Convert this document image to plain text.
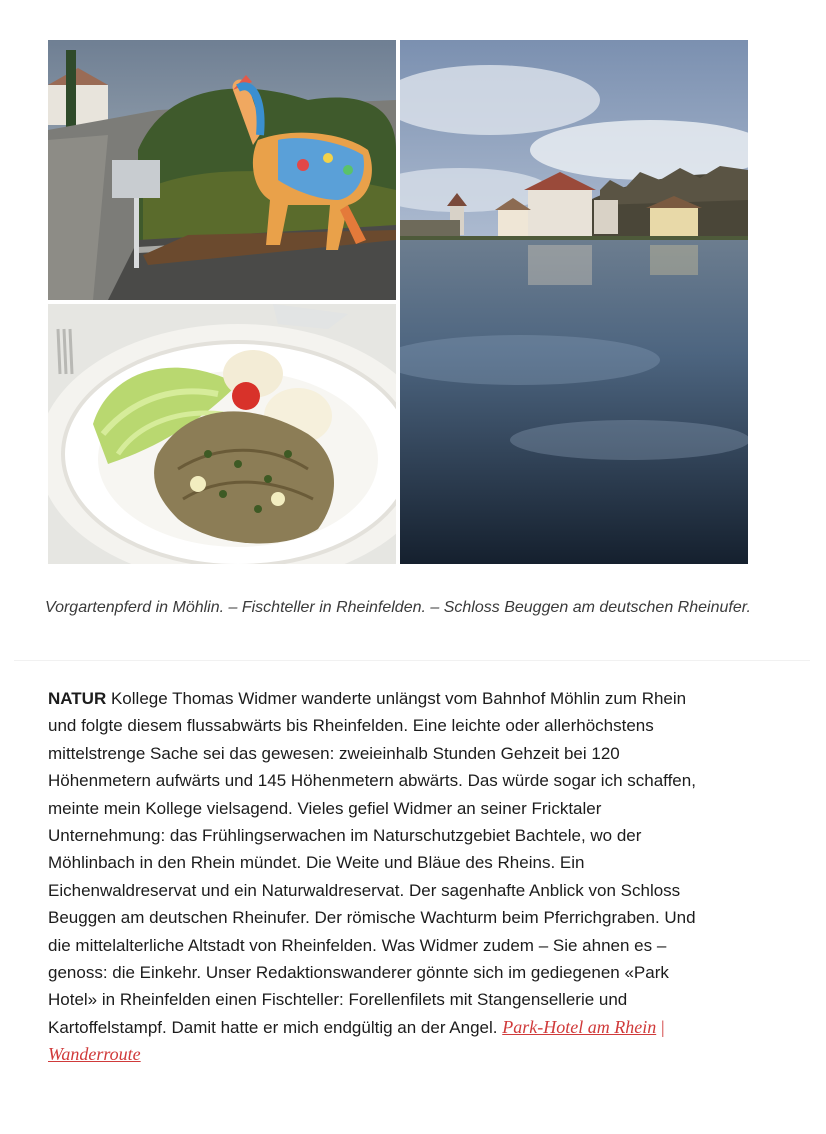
Vorgartenpferd in Möhlin. – Fischteller in Rheinfelden. – Schloss Beuggen am deutschen Rheinufer.

NATUR Kollege Thomas Widmer wanderte unlängst vom Bahnhof Möhlin zum Rhein und folgte diesem flussabwärts bis Rheinfelden. Eine leichte oder allerhöchstens mittelstrenge Sache sei das gewesen: zweieinhalb Stunden Gehzeit bei 120 Höhenmetern aufwärts und 145 Höhenmetern abwärts. Das würde sogar ich schaffen, meinte mein Kollege vielsagend. Vieles gefiel Widmer an seiner Fricktaler Unternehmung: das Frühlingserwachen im Naturschutzgebiet Bachtele, wo der Möhlinbach in den Rhein mündet. Die Weite und Bläue des Rheins. Ein Eichenwaldreservat und ein Naturwaldreservat. Der sagenhafte Anblick von Schloss Beuggen am deutschen Rheinufer. Der römische Wachturm beim Pferrichgraben. Und die mittelalterliche Altstadt von Rheinfelden. Was Widmer zudem – Sie ahnen es – genoss: die Einkehr. Unser Redaktionswanderer gönnte sich im gediegenen «Park Hotel» in Rheinfelden einen Fischteller: Forellenfilets mit Stangensellerie und Kartoffelstampf. Damit hatte er mich endgültig an der Angel. Park-Hotel am Rhein | Wanderroute
